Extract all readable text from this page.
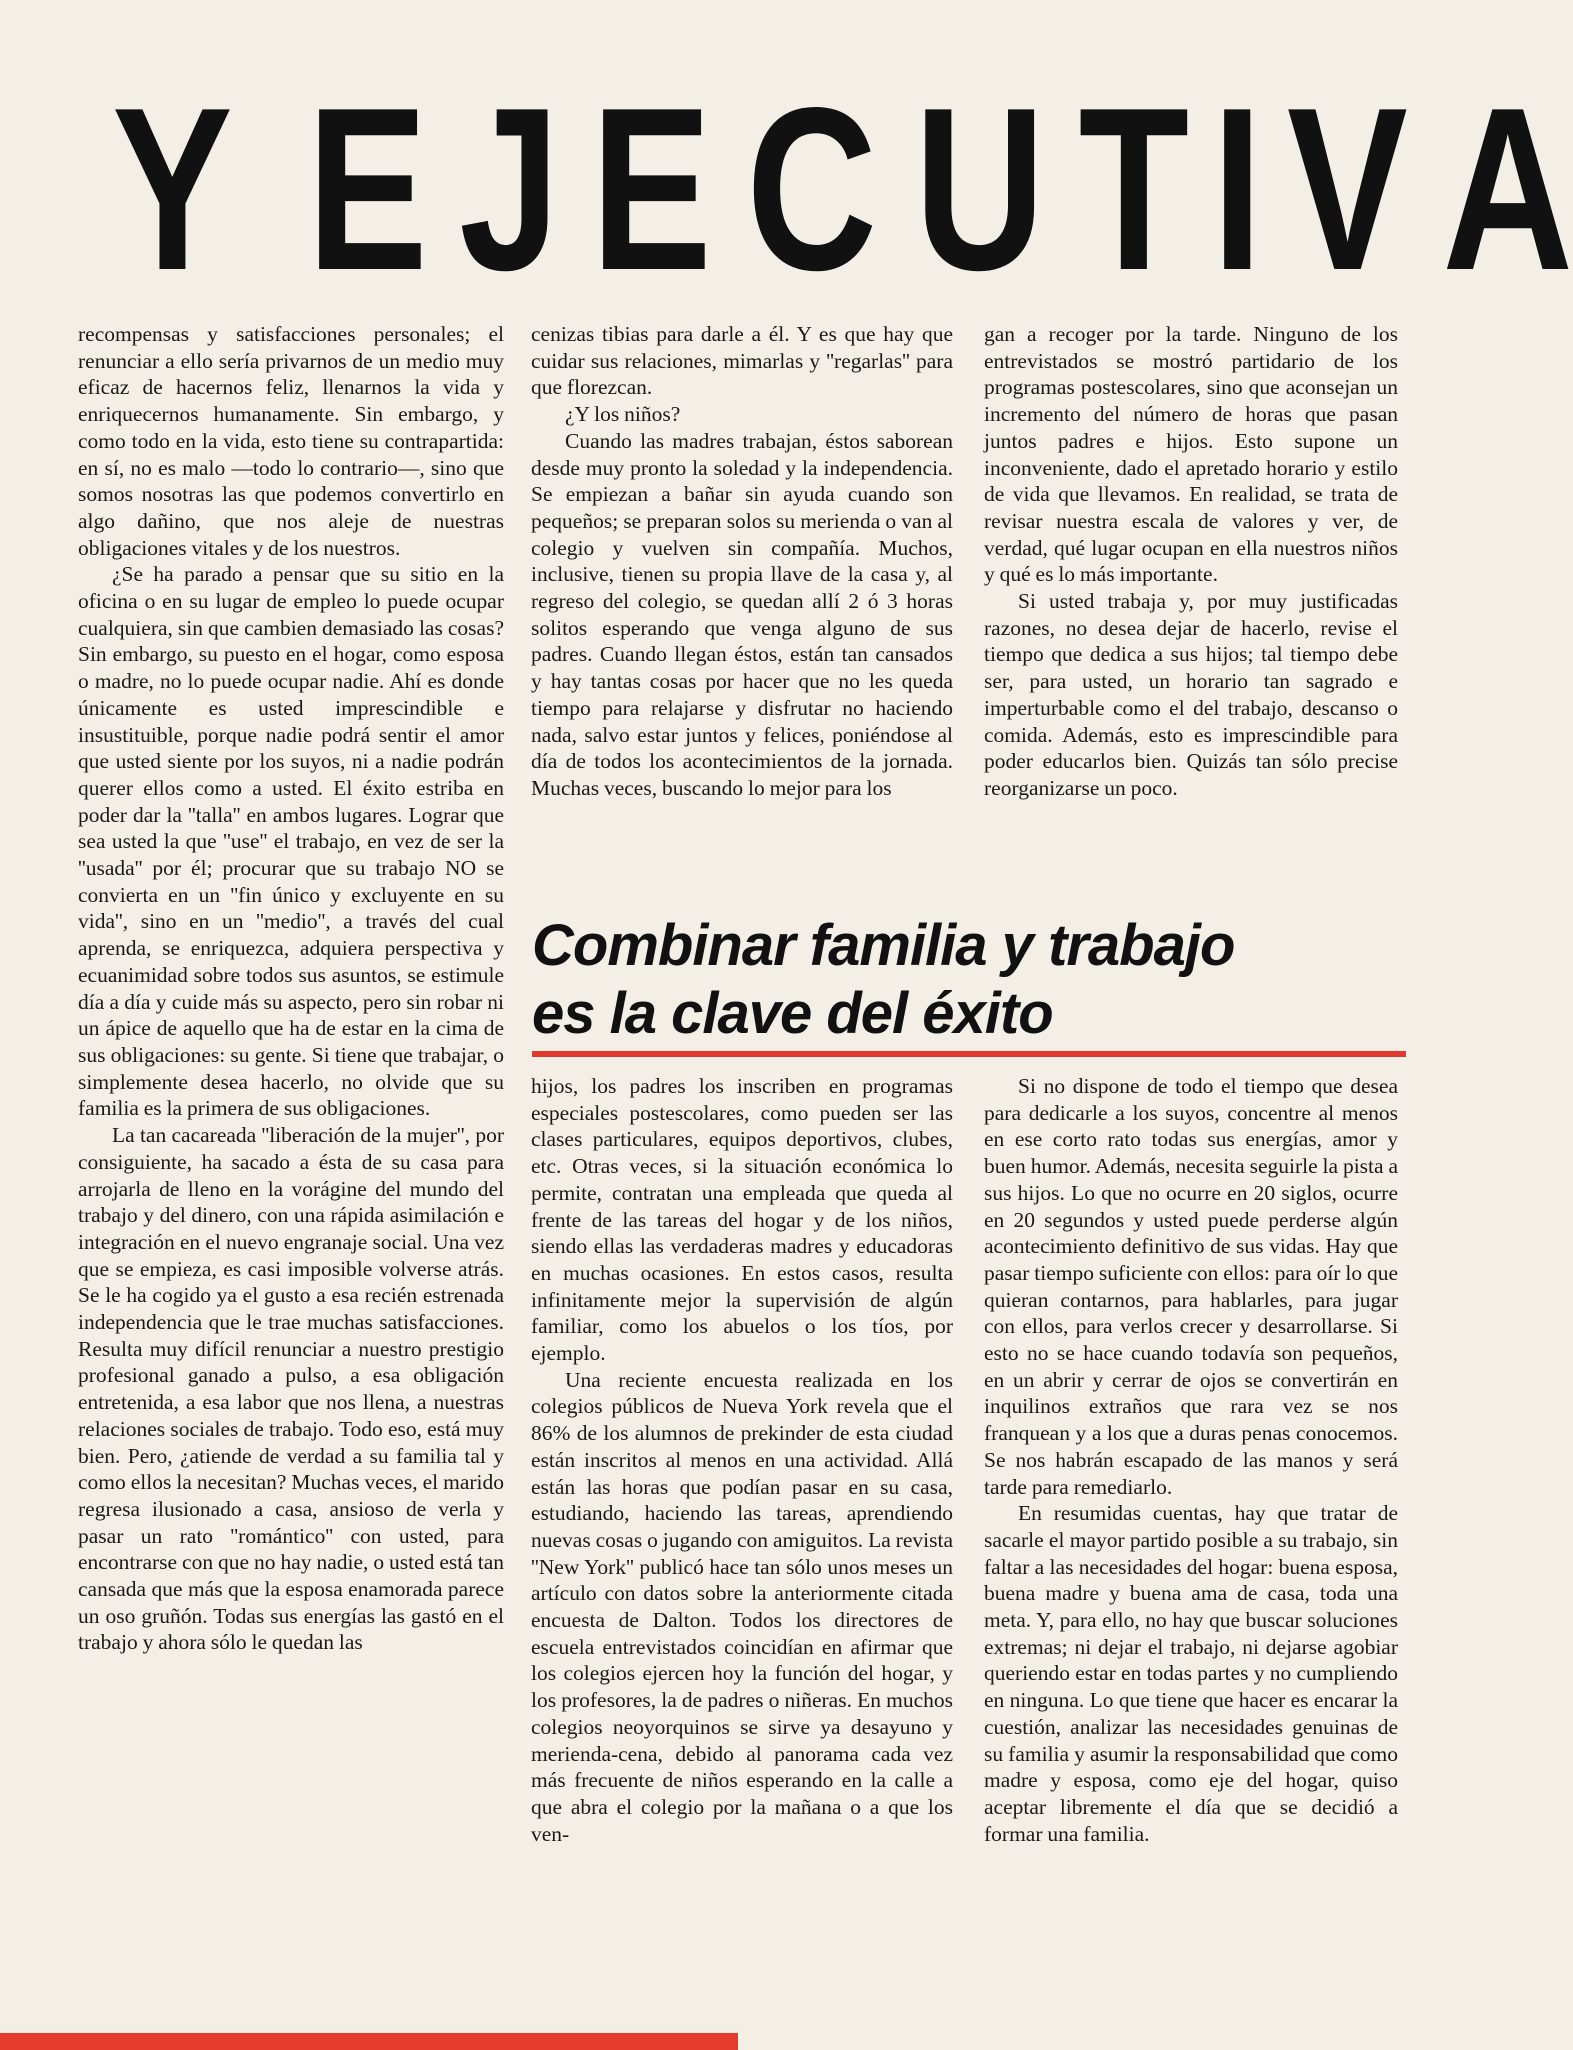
Y
E J E C U T I V A

recompensas y satisfacciones personales; el renunciar a ello sería privarnos de un medio muy eficaz de hacernos feliz, llenarnos la vida y enriquecernos humanamente. Sin embargo, y como todo en la vida, esto tiene su contrapartida: en sí, no es malo —todo lo contrario—, sino que somos nosotras las que podemos convertirlo en algo dañino, que nos aleje de nuestras obligaciones vitales y de los nuestros.

¿Se ha parado a pensar que su sitio en la oficina o en su lugar de empleo lo puede ocupar cualquiera, sin que cambien demasiado las cosas? Sin embargo, su puesto en el hogar, como esposa o madre, no lo puede ocupar nadie. Ahí es donde únicamente es usted imprescindible e insustituible, porque nadie podrá sentir el amor que usted siente por los suyos, ni a nadie podrán querer ellos como a usted. El éxito estriba en poder dar la ''talla'' en ambos lugares. Lograr que sea usted la que ''use'' el trabajo, en vez de ser la ''usada'' por él; procurar que su trabajo NO se convierta en un ''fin único y excluyente en su vida'', sino en un ''medio'', a través del cual aprenda, se enriquezca, adquiera perspectiva y ecuanimidad sobre todos sus asuntos, se estimule día a día y cuide más su aspecto, pero sin robar ni un ápice de aquello que ha de estar en la cima de sus obligaciones: su gente. Si tiene que trabajar, o simplemente desea hacerlo, no olvide que su familia es la primera de sus obligaciones.

La tan cacareada ''liberación de la mujer'', por consiguiente, ha sacado a ésta de su casa para arrojarla de lleno en la vorágine del mundo del trabajo y del dinero, con una rápida asimilación e integración en el nuevo engranaje social. Una vez que se empieza, es casi imposible volverse atrás. Se le ha cogido ya el gusto a esa recién estrenada independencia que le trae muchas satisfacciones. Resulta muy difícil renunciar a nuestro prestigio profesional ganado a pulso, a esa obligación entretenida, a esa labor que nos llena, a nuestras relaciones sociales de trabajo. Todo eso, está muy bien. Pero, ¿atiende de verdad a su familia tal y como ellos la necesitan? Muchas veces, el marido regresa ilusionado a casa, ansioso de verla y pasar un rato ''romántico'' con usted, para encontrarse con que no hay nadie, o usted está tan cansada que más que la esposa enamorada parece un oso gruñón. Todas sus energías las gastó en el trabajo y ahora sólo le quedan las

cenizas tibias para darle a él. Y es que hay que cuidar sus relaciones, mimarlas y ''regarlas'' para que florezcan.

¿Y los niños?

Cuando las madres trabajan, éstos saborean desde muy pronto la soledad y la independencia. Se empiezan a bañar sin ayuda cuando son pequeños; se preparan solos su merienda o van al colegio y vuelven sin compañía. Muchos, inclusive, tienen su propia llave de la casa y, al regreso del colegio, se quedan allí 2 ó 3 horas solitos esperando que venga alguno de sus padres. Cuando llegan éstos, están tan cansados y hay tantas cosas por hacer que no les queda tiempo para relajarse y disfrutar no haciendo nada, salvo estar juntos y felices, poniéndose al día de todos los acontecimientos de la jornada. Muchas veces, buscando lo mejor para los

gan a recoger por la tarde. Ninguno de los entrevistados se mostró partidario de los programas postescolares, sino que aconsejan un incremento del número de horas que pasan juntos padres e hijos. Esto supone un inconveniente, dado el apretado horario y estilo de vida que llevamos. En realidad, se trata de revisar nuestra escala de valores y ver, de verdad, qué lugar ocupan en ella nuestros niños y qué es lo más importante.

Si usted trabaja y, por muy justificadas razones, no desea dejar de hacerlo, revise el tiempo que dedica a sus hijos; tal tiempo debe ser, para usted, un horario tan sagrado e imperturbable como el del trabajo, descanso o comida. Además, esto es imprescindible para poder educarlos bien. Quizás tan sólo precise reorganizarse un poco.

Combinar familia y trabajo
es la clave del éxito

hijos, los padres los inscriben en programas especiales postescolares, como pueden ser las clases particulares, equipos deportivos, clubes, etc. Otras veces, si la situación económica lo permite, contratan una empleada que queda al frente de las tareas del hogar y de los niños, siendo ellas las verdaderas madres y educadoras en muchas ocasiones. En estos casos, resulta infinitamente mejor la supervisión de algún familiar, como los abuelos o los tíos, por ejemplo.

Una reciente encuesta realizada en los colegios públicos de Nueva York revela que el 86% de los alumnos de prekinder de esta ciudad están inscritos al menos en una actividad. Allá están las horas que podían pasar en su casa, estudiando, haciendo las tareas, aprendiendo nuevas cosas o jugando con amiguitos. La revista ''New York'' publicó hace tan sólo unos meses un artículo con datos sobre la anteriormente citada encuesta de Dalton. Todos los directores de escuela entrevistados coincidían en afirmar que los colegios ejercen hoy la función del hogar, y los profesores, la de padres o niñeras. En muchos colegios neoyorquinos se sirve ya desayuno y merienda-cena, debido al panorama cada vez más frecuente de niños esperando en la calle a que abra el colegio por la mañana o a que los ven-

Si no dispone de todo el tiempo que desea para dedicarle a los suyos, concentre al menos en ese corto rato todas sus energías, amor y buen humor. Además, necesita seguirle la pista a sus hijos. Lo que no ocurre en 20 siglos, ocurre en 20 segundos y usted puede perderse algún acontecimiento definitivo de sus vidas. Hay que pasar tiempo suficiente con ellos: para oír lo que quieran contarnos, para hablarles, para jugar con ellos, para verlos crecer y desarrollarse. Si esto no se hace cuando todavía son pequeños, en un abrir y cerrar de ojos se convertirán en inquilinos extraños que rara vez se nos franquean y a los que a duras penas conocemos. Se nos habrán escapado de las manos y será tarde para remediarlo.

En resumidas cuentas, hay que tratar de sacarle el mayor partido posible a su trabajo, sin faltar a las necesidades del hogar: buena esposa, buena madre y buena ama de casa, toda una meta. Y, para ello, no hay que buscar soluciones extremas; ni dejar el trabajo, ni dejarse agobiar queriendo estar en todas partes y no cumpliendo en ninguna. Lo que tiene que hacer es encarar la cuestión, analizar las necesidades genuinas de su familia y asumir la responsabilidad que como madre y esposa, como eje del hogar, quiso aceptar libremente el día que se decidió a formar una familia.
